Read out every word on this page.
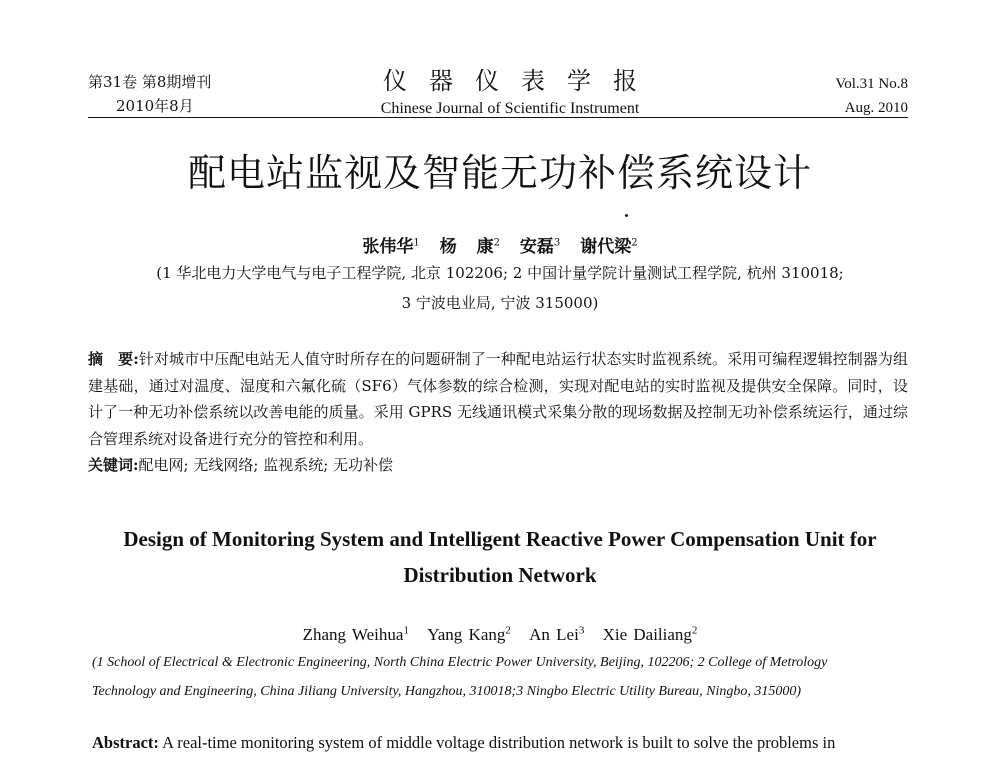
第31卷 第8期增刊
2010年8月
仪器仪表学报
Chinese Journal of Scientific Instrument
Vol.31 No.8
Aug. 2010
配电站监视及智能无功补偿系统设计
张伟华$^1$ 杨 康$^2$ 安磊$^3$ 谢代梁$^2$
(1 华北电力大学电气与电子工程学院, 北京 102206; 2 中国计量学院计量测试工程学院, 杭州 310018;
3 宁波电业局, 宁波 315000)
摘　要:针对城市中压配电站无人值守时所存在的问题研制了一种配电站运行状态实时监视系统。采用可编程逻辑控制器为组建基础，通过对温度、湿度和六氟化硫（SF6）气体参数的综合检测，实现对配电站的实时监视及提供安全保障。同时，设计了一种无功补偿系统以改善电能的质量。采用 GPRS 无线通讯模式采集分散的现场数据及控制无功补偿系统运行，通过综合管理系统对设备进行充分的管控和利用。
关键词:配电网; 无线网络; 监视系统; 无功补偿
Design of Monitoring System and Intelligent Reactive Power Compensation Unit for
Distribution Network
Zhang Weihua$^1$ Yang Kang$^2$ An Lei$^3$ Xie Dailiang$^2$
(1 School of Electrical & Electronic Engineering, North China Electric Power University, Beijing, 102206; 2 College of Metrology
Technology and Engineering, China Jiliang University, Hangzhou, 310018;3 Ningbo Electric Utility Bureau, Ningbo, 315000)
Abstract: A real-time monitoring system of middle voltage distribution network is built to solve the problems in
